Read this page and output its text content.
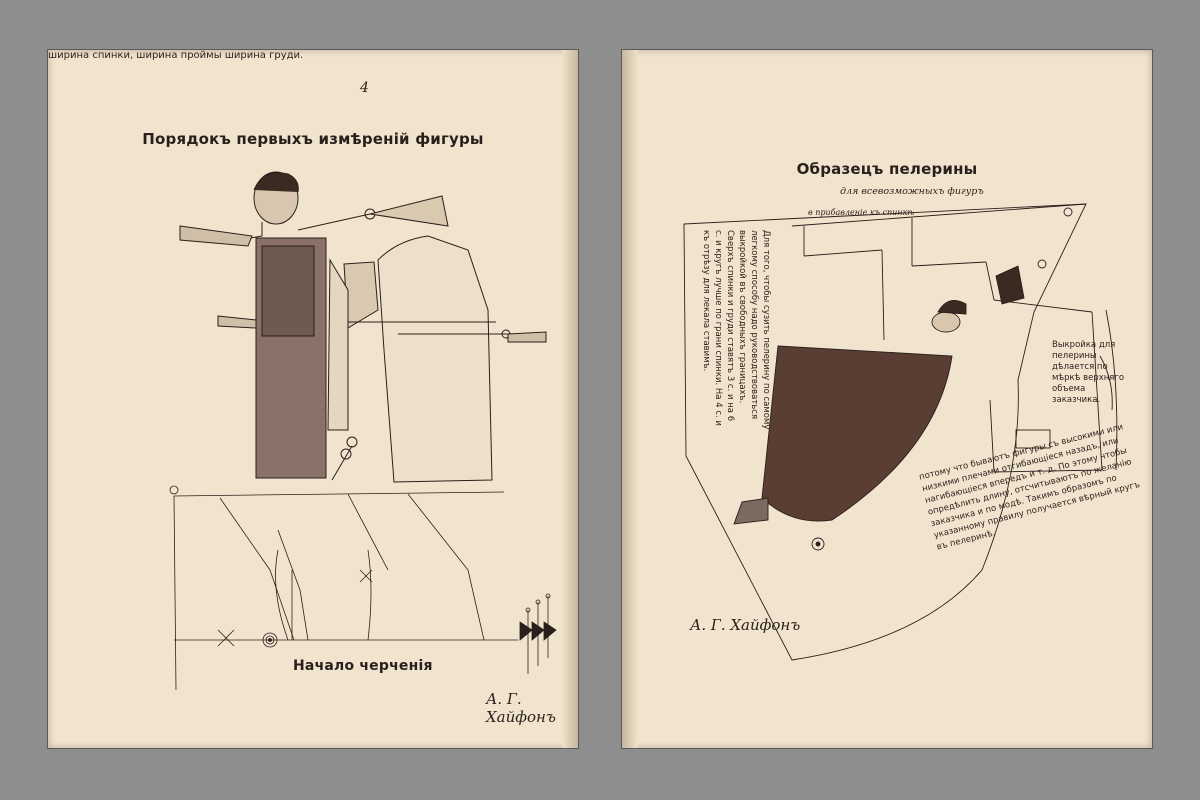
4
Порядокъ первыхъ измѣреній фигуры
Начало черченія
ширина спинки, ширина проймы ширина груди.
А. Г. Хайфонъ
Образецъ пелерины
для всевозможныхъ фигуръ
в прибавленіе къ спинкѣ
Выкройка для пелерины дѣлается по мѣркѣ верхняго объема заказчика.
Для того, чтобы сузить пелерину по самому легкому способу надо руководствоваться выкройкой въ свободныхъ границахъ. Сверхъ спинки и груди ставятъ 3 с. и на 6 с. и кругъ лучше по грани спинки. На 4 с. и къ отрѣзу для лекала ставимъ.
потому что бываютъ фигуры съ высокими или низкими плечами отгибающіеся назадъ, или нагибающіеся впередъ и т. д. По этому чтобы опредѣлить длину, отсчитываютъ по желанію заказчика и по модѣ. Такимъ образомъ по указанному правилу получается вѣрный кругъ въ пелеринѣ.
А. Г. Хайфонъ
